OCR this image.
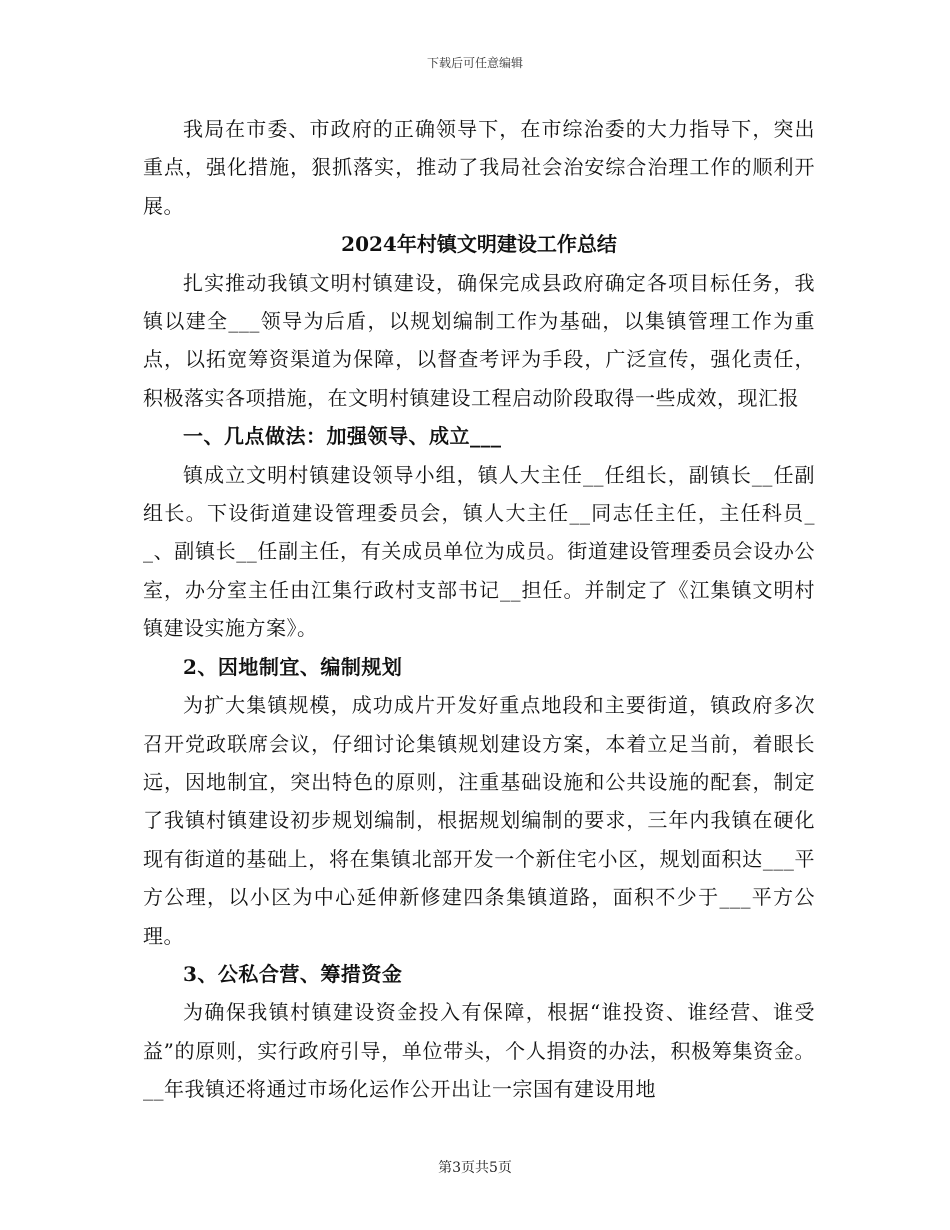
下载后可任意编辑

我局在市委、市政府的正确领导下，在市综治委的大力指导下，突出重点，强化措施，狠抓落实，推动了我局社会治安综合治理工作的顺利开展。

2024年村镇文明建设工作总结

扎实推动我镇文明村镇建设，确保完成县政府确定各项目标任务，我镇以建全___领导为后盾，以规划编制工作为基础，以集镇管理工作为重点，以拓宽筹资渠道为保障，以督查考评为手段，广泛宣传，强化责任，积极落实各项措施，在文明村镇建设工程启动阶段取得一些成效，现汇报

一、几点做法：加强领导、成立___

镇成立文明村镇建设领导小组，镇人大主任__任组长，副镇长__任副组长。下设街道建设管理委员会，镇人大主任__同志任主任，主任科员__、副镇长__任副主任，有关成员单位为成员。街道建设管理委员会设办公室，办分室主任由江集行政村支部书记__担任。并制定了《江集镇文明村镇建设实施方案》。

2、因地制宜、编制规划

为扩大集镇规模，成功成片开发好重点地段和主要街道，镇政府多次召开党政联席会议，仔细讨论集镇规划建设方案，本着立足当前，着眼长远，因地制宜，突出特色的原则，注重基础设施和公共设施的配套，制定了我镇村镇建设初步规划编制，根据规划编制的要求，三年内我镇在硬化现有街道的基础上，将在集镇北部开发一个新住宅小区，规划面积达___平方公理，以小区为中心延伸新修建四条集镇道路，面积不少于___平方公理。

3、公私合营、筹措资金

为确保我镇村镇建设资金投入有保障，根据“谁投资、谁经营、谁受益”的原则，实行政府引导，单位带头，个人捐资的办法，积极筹集资金。__年我镇还将通过市场化运作公开出让一宗国有建设用地

第3页共5页
